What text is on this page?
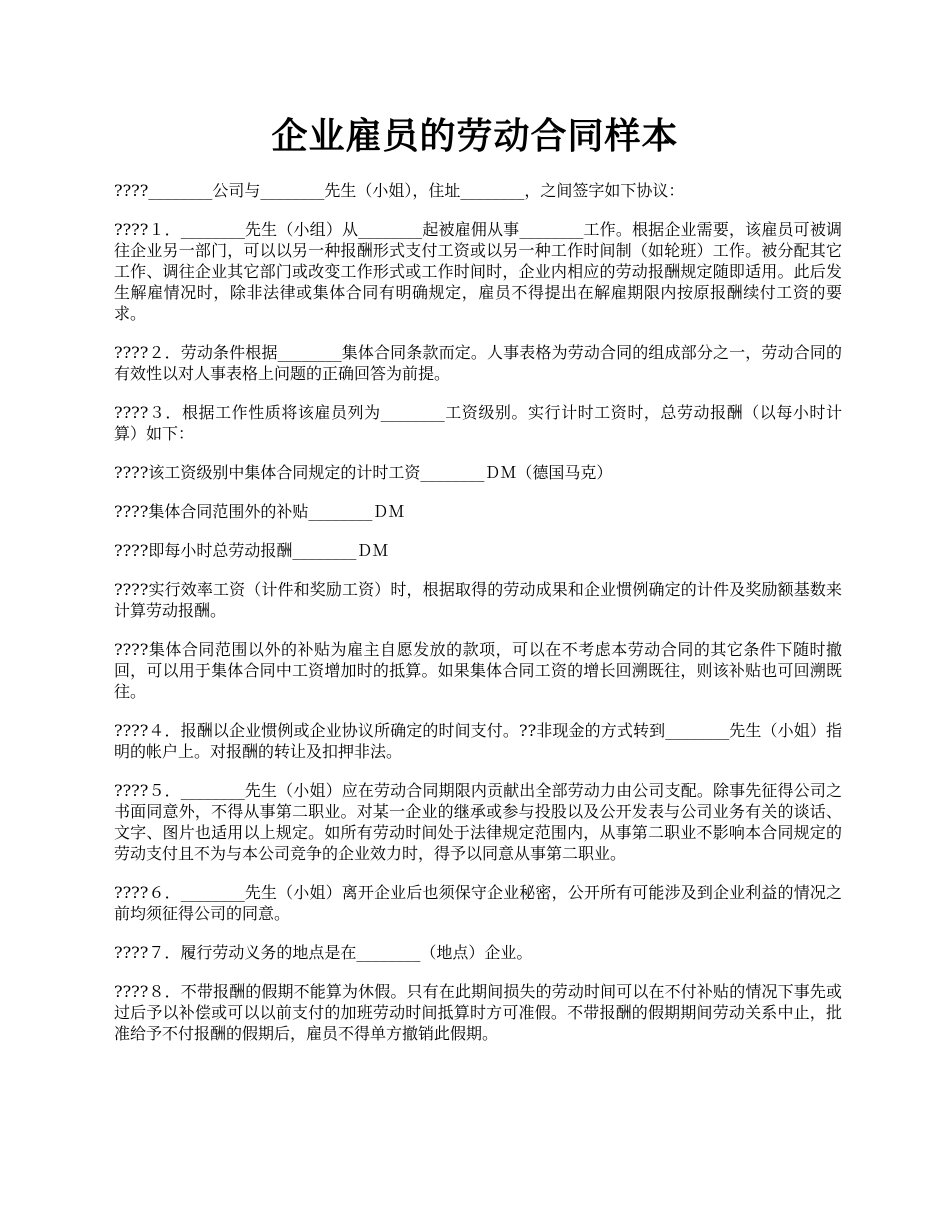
企业雇员的劳动合同样本

????________公司与________先生（小姐），住址________，之间签字如下协议：

????１．________先生（小组）从________起被雇佣从事________工作。根据企业需要，该雇员可被调往企业另一部门，可以以另一种报酬形式支付工资或以另一种工作时间制（如轮班）工作。被分配其它工作、调往企业其它部门或改变工作形式或工作时间时，企业内相应的劳动报酬规定随即适用。此后发生解雇情况时，除非法律或集体合同有明确规定，雇员不得提出在解雇期限内按原报酬续付工资的要求。

????２．劳动条件根据________集体合同条款而定。人事表格为劳动合同的组成部分之一，劳动合同的有效性以对人事表格上问题的正确回答为前提。

????３．根据工作性质将该雇员列为________工资级别。实行计时工资时，总劳动报酬（以每小时计算）如下：

????该工资级别中集体合同规定的计时工资________ＤＭ（德国马克）

????集体合同范围外的补贴________ＤＭ

????即每小时总劳动报酬________ＤＭ

????实行效率工资（计件和奖励工资）时，根据取得的劳动成果和企业惯例确定的计件及奖励额基数来计算劳动报酬。

????集体合同范围以外的补贴为雇主自愿发放的款项，可以在不考虑本劳动合同的其它条件下随时撤回，可以用于集体合同中工资增加时的抵算。如果集体合同工资的增长回溯既往，则该补贴也可回溯既往。

????４．报酬以企业惯例或企业协议所确定的时间支付。??非现金的方式转到________先生（小姐）指明的帐户上。对报酬的转让及扣押非法。

????５．________先生（小姐）应在劳动合同期限内贡献出全部劳动力由公司支配。除事先征得公司之书面同意外，不得从事第二职业。对某一企业的继承或参与投股以及公开发表与公司业务有关的谈话、文字、图片也适用以上规定。如所有劳动时间处于法律规定范围内，从事第二职业不影响本合同规定的劳动支付且不为与本公司竞争的企业效力时，得予以同意从事第二职业。

????６．________先生（小姐）离开企业后也须保守企业秘密，公开所有可能涉及到企业利益的情况之前均须征得公司的同意。

????７．履行劳动义务的地点是在________（地点）企业。

????８．不带报酬的假期不能算为休假。只有在此期间损失的劳动时间可以在不付补贴的情况下事先或过后予以补偿或可以以前支付的加班劳动时间抵算时方可准假。不带报酬的假期期间劳动关系中止，批准给予不付报酬的假期后，雇员不得单方撤销此假期。
